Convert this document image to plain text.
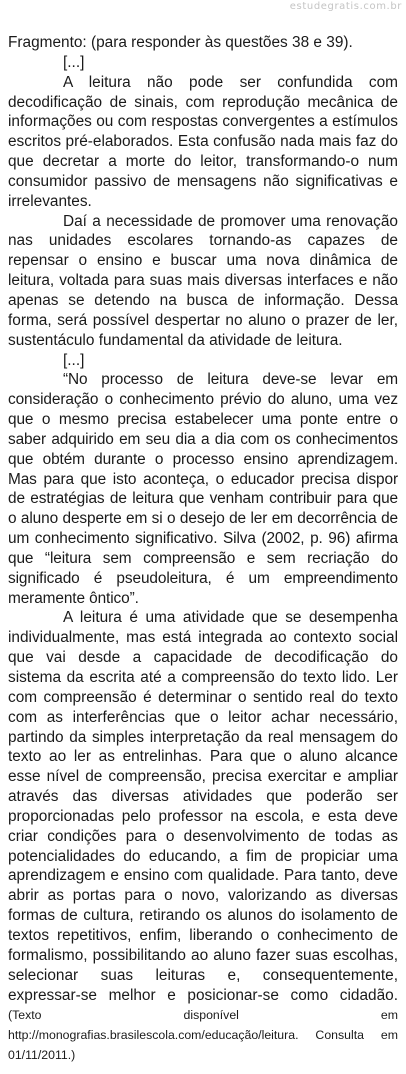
estudegratis.com.br

Fragmento: (para responder às questões 38 e 39).

[...]

A leitura não pode ser confundida com decodificação de sinais, com reprodução mecânica de informações ou com respostas convergentes a estímulos escritos pré-elaborados. Esta confusão nada mais faz do que decretar a morte do leitor, transformando-o num consumidor passivo de mensagens não significativas e irrelevantes.

Daí a necessidade de promover uma renovação nas unidades escolares tornando-as capazes de repensar o ensino e buscar uma nova dinâmica de leitura, voltada para suas mais diversas interfaces e não apenas se detendo na busca de informação. Dessa forma, será possível despertar no aluno o prazer de ler, sustentáculo fundamental da atividade de leitura.

[...]

“No processo de leitura deve-se levar em consideração o conhecimento prévio do aluno, uma vez que o mesmo precisa estabelecer uma ponte entre o saber adquirido em seu dia a dia com os conhecimentos que obtém durante o processo ensino aprendizagem. Mas para que isto aconteça, o educador precisa dispor de estratégias de leitura que venham contribuir para que o aluno desperte em si o desejo de ler em decorrência de um conhecimento significativo. Silva (2002, p. 96) afirma que “leitura sem compreensão e sem recriação do significado é pseudoleitura, é um empreendimento meramente ôntico”.

A leitura é uma atividade que se desempenha individualmente, mas está integrada ao contexto social que vai desde a capacidade de decodificação do sistema da escrita até a compreensão do texto lido. Ler com compreensão é determinar o sentido real do texto com as interferências que o leitor achar necessário, partindo da simples interpretação da real mensagem do texto ao ler as entrelinhas. Para que o aluno alcance esse nível de compreensão, precisa exercitar e ampliar através das diversas atividades que poderão ser proporcionadas pelo professor na escola, e esta deve criar condições para o desenvolvimento de todas as potencialidades do educando, a fim de propiciar uma aprendizagem e ensino com qualidade. Para tanto, deve abrir as portas para o novo, valorizando as diversas formas de cultura, retirando os alunos do isolamento de textos repetitivos, enfim, liberando o conhecimento de formalismo, possibilitando ao aluno fazer suas escolhas, selecionar suas leituras e, consequentemente, expressar-se melhor e posicionar-se como cidadão. (Texto disponível em http://monografias.brasilescola.com/educação/leitura. Consulta em 01/11/2011.)
